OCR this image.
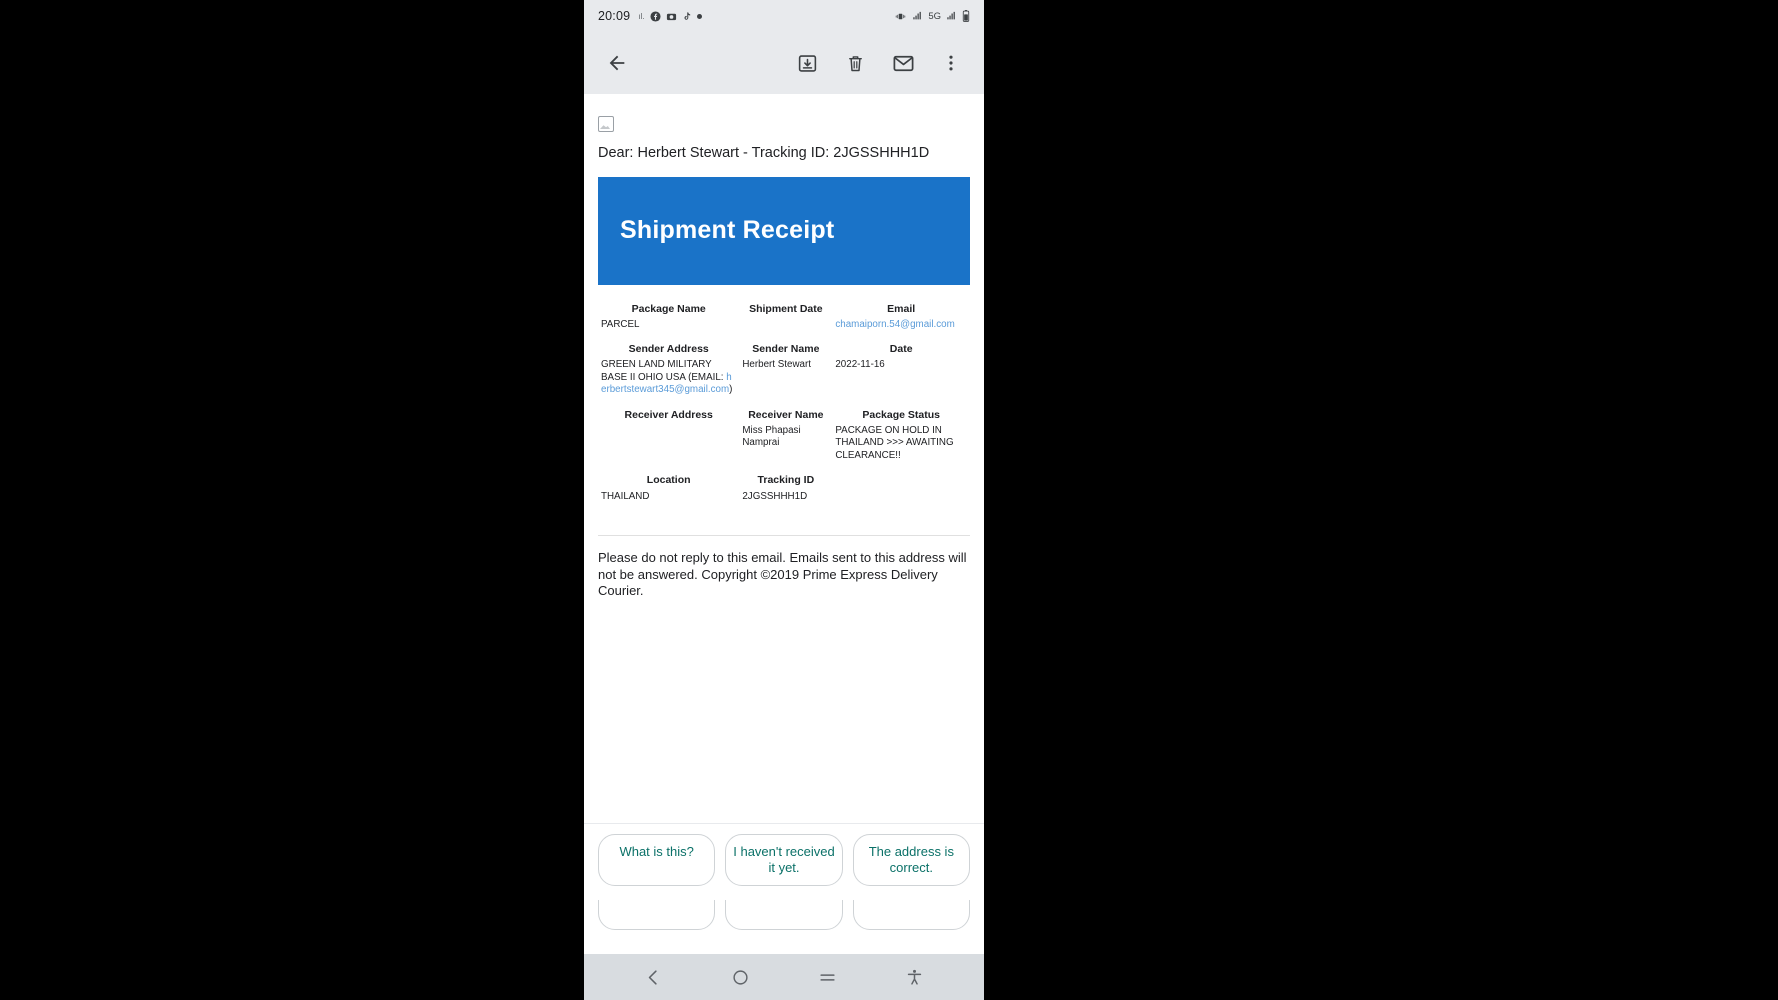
20:09 ıl.	5G
Dear: Herbert Stewart - Tracking ID: 2JGSSHHH1D
Shipment Receipt
Package Name	Shipment Date	Email
PARCEL		chamaiporn.54@gmail.com
Sender Address	Sender Name	Date
GREEN LAND MILITARY BASE II OHIO USA (EMAIL: herbertstewart345@gmail.com)	Herbert Stewart	2022-11-16
Receiver Address	Receiver Name	Package Status
	Miss Phapasi Namprai	PACKAGE ON HOLD IN THAILAND >>> AWAITING CLEARANCE!!
Location	Tracking ID	
THAILAND	2JGSSHHH1D	
Please do not reply to this email. Emails sent to this address will not be answered. Copyright ©2019 Prime Express Delivery Courier.
it yet.	correct.
What is this?	I haven't received it yet.
The address is correct.
